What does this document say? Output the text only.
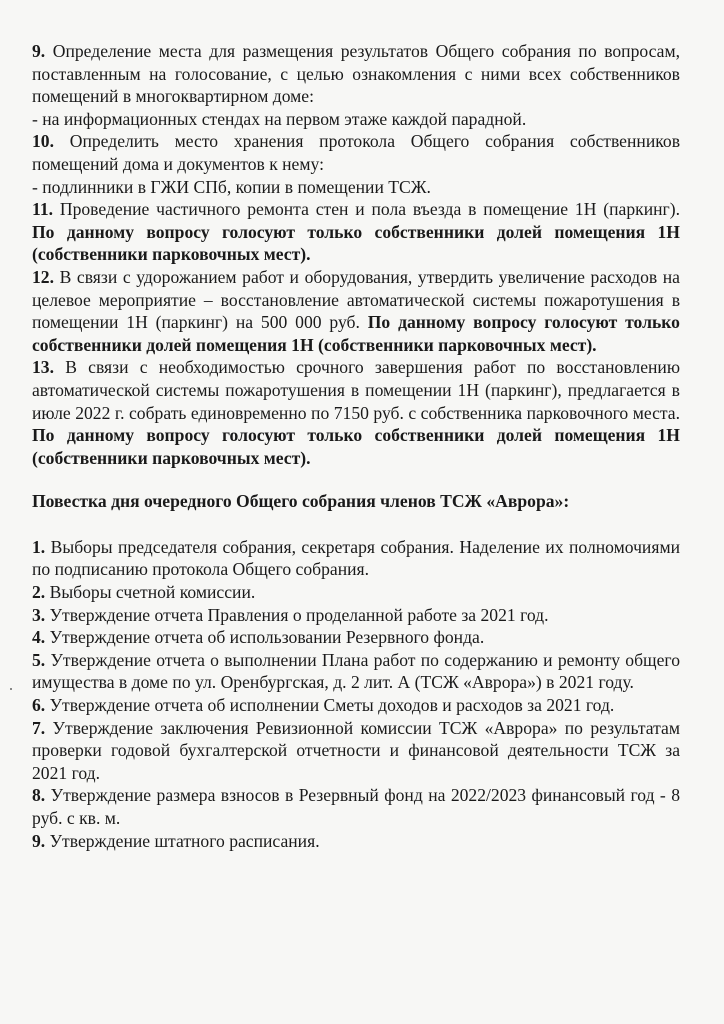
9. Определение места для размещения результатов Общего собрания по вопросам, поставленным на голосование, с целью ознакомления с ними всех собственников помещений в многоквартирном доме:

- на информационных стендах на первом этаже каждой парадной.

10. Определить место хранения протокола Общего собрания собственников помещений дома и документов к нему:

- подлинники в ГЖИ СПб, копии в помещении ТСЖ.

11. Проведение частичного ремонта стен и пола въезда в помещение 1Н (паркинг). По данному вопросу голосуют только собственники долей помещения 1Н (собственники парковочных мест).

12. В связи с удорожанием работ и оборудования, утвердить увеличение расходов на целевое мероприятие – восстановление автоматической системы пожаротушения в помещении 1Н (паркинг) на 500 000 руб. По данному вопросу голосуют только собственники долей помещения 1Н (собственники парковочных мест).

13. В связи с необходимостью срочного завершения работ по восстановлению автоматической системы пожаротушения в помещении 1Н (паркинг), предлагается в июле 2022 г. собрать единовременно по 7150 руб. с собственника парковочного места. По данному вопросу голосуют только собственники долей помещения 1Н (собственники парковочных мест).

Повестка дня очередного Общего собрания членов ТСЖ «Аврора»:

1. Выборы председателя собрания, секретаря собрания. Наделение их полномочиями по подписанию протокола Общего собрания.

2. Выборы счетной комиссии.

3. Утверждение отчета Правления о проделанной работе за 2021 год.

4. Утверждение отчета об использовании Резервного фонда.

5. Утверждение отчета о выполнении Плана работ по содержанию и ремонту общего имущества в доме по ул. Оренбургская, д. 2 лит. А (ТСЖ «Аврора») в 2021 году.

6. Утверждение отчета об исполнении Сметы доходов и расходов за 2021 год.

7. Утверждение заключения Ревизионной комиссии ТСЖ «Аврора» по результатам проверки годовой бухгалтерской отчетности и финансовой деятельности ТСЖ за 2021 год.

8. Утверждение размера взносов в Резервный фонд на 2022/2023 финансовый год - 8 руб. с кв. м.

9. Утверждение штатного расписания.
